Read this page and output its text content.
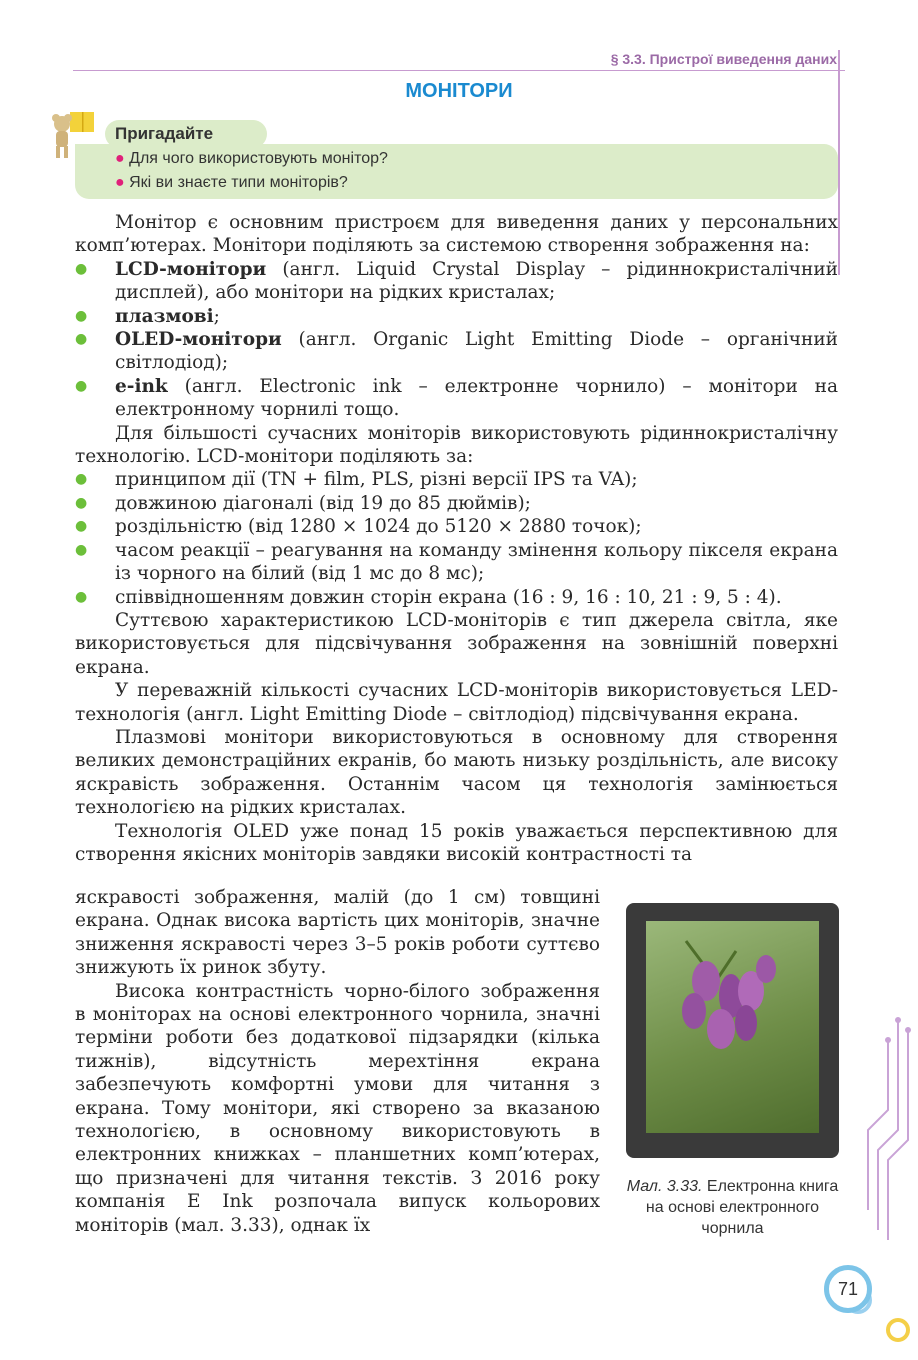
§ 3.3. Пристрої виведення даних
МОНІТОРИ
Пригадайте
● Для чого використовують монітор?
● Які ви знаєте типи моніторів?

Монітор є основним пристроєм для виведення даних у персональних комп’ютерах. Монітори поділяють за системою створення зображення на:

● LCD-монітори (англ. Liquid Crystal Display – рідиннокристалічний дисплей), або монітори на рідких кристалах;

● плазмові;

● OLED-монітори (англ. Organic Light Emitting Diode – органічний світлодіод);

● e-ink (англ. Electronic ink – електронне чорнило) – монітори на електронному чорнилі тощо.

Для більшості сучасних моніторів використовують рідиннокристалічну технологію. LCD-монітори поділяють за:

● принципом дії (TN + film, PLS, різні версії IPS та VA);

● довжиною діагоналі (від 19 до 85 дюймів);

● роздільністю (від 1280 × 1024 до 5120 × 2880 точок);

● часом реакції – реагування на команду змінення кольору пікселя екрана із чорного на білий (від 1 мс до 8 мс);

● співвідношенням довжин сторін екрана (16 : 9, 16 : 10, 21 : 9, 5 : 4).

Суттєвою характеристикою LCD-моніторів є тип джерела світла, яке використовується для підсвічування зображення на зовнішній поверхні екрана.

У переважній кількості сучасних LCD-моніторів використовується LED-технологія (англ. Light Emitting Diode – світлодіод) підсвічування екрана.

Плазмові монітори використовуються в основному для створення великих демонстраційних екранів, бо мають низьку роздільність, але високу яскравість зображення. Останнім часом ця технологія замінюється технологією на рідких кристалах.

Технологія OLED уже понад 15 років уважається перспективною для створення якісних моніторів завдяки високій контрастності та

яскравості зображення, малій (до 1 см) товщині екрана. Однак висока вартість цих моніторів, значне зниження яскравості через 3–5 років роботи суттєво знижують їх ринок збуту.

Висока контрастність чорно-білого зображення в моніторах на основі електронного чорнила, значні терміни роботи без додаткової підзарядки (кілька тижнів), відсутність мерехтіння екрана забезпечують комфортні умови для читання з екрана. Тому монітори, які створено за вказаною технологією, в основному використовують в електронних книжках – планшетних комп’ютерах, що призначені для читання текстів. З 2016 року компанія E Ink розпочала випуск кольорових моніторів (мал. 3.33), однак їх

Мал. 3.33. Електронна книга на основі електронного чорнила
71
